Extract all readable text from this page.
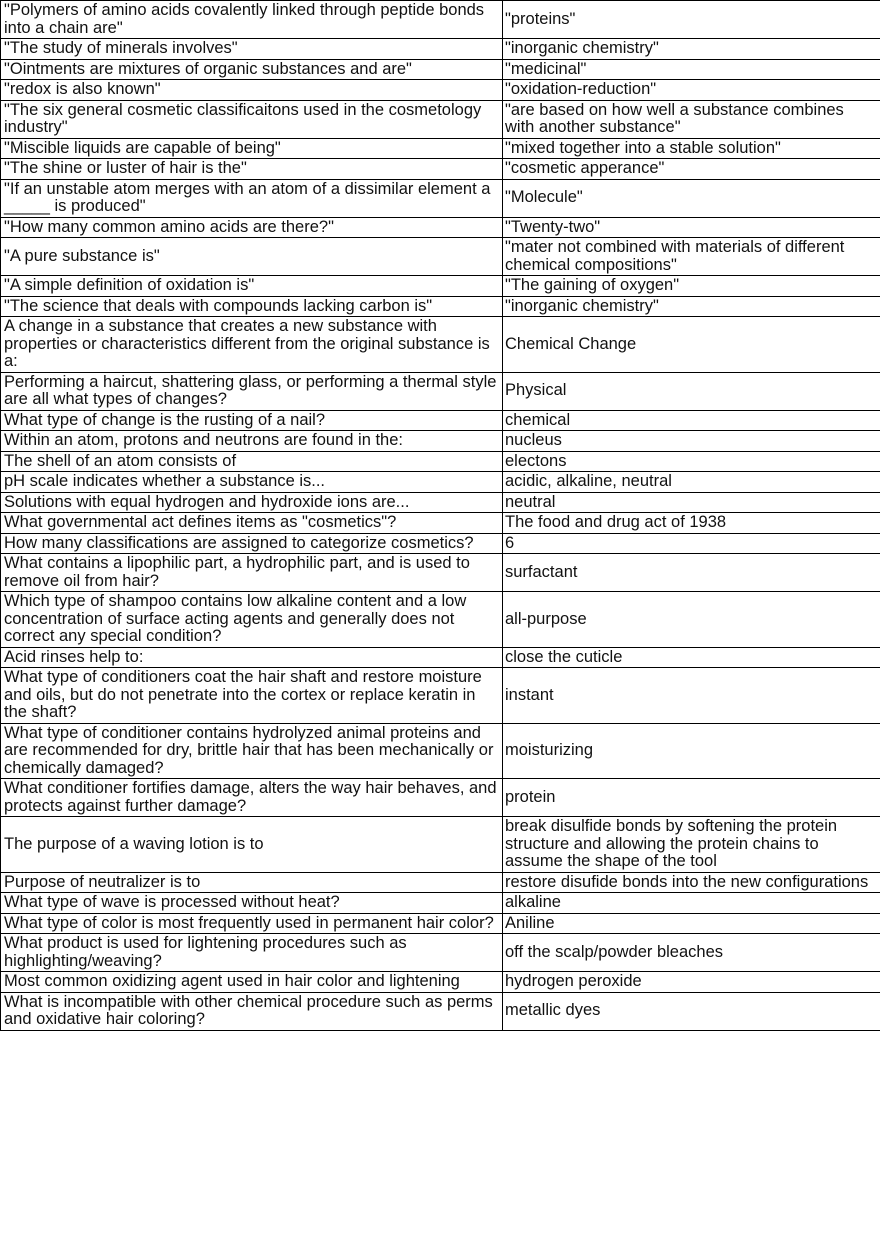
"Polymers of amino acids covalently linked through peptide bonds into a chain are"	"proteins"
"The study of minerals involves"	"inorganic chemistry"
"Ointments are mixtures of organic substances and are"	"medicinal"
"redox is also known"	"oxidation-reduction"
"The six general cosmetic classificaitons used in the cosmetology industry"	"are based on how well a substance combines with another substance"
"Miscible liquids are capable of being"	"mixed together into a stable solution"
"The shine or luster of hair is the"	"cosmetic apperance"
"If an unstable atom merges with an atom of a dissimilar element a _____ is produced"	"Molecule"
"How many common amino acids are there?"	"Twenty-two"
"A pure substance is"	"mater not combined with materials of different chemical compositions"
"A simple definition of oxidation is"	"The gaining of oxygen"
"The science that deals with compounds lacking carbon is"	"inorganic chemistry"
A change in a substance that creates a new substance with properties or characteristics different from the original substance is a:	Chemical Change
Performing a haircut, shattering glass, or performing a thermal style are all what types of changes?	Physical
What type of change is the rusting of a nail?	chemical
Within an atom, protons and neutrons are found in the:	nucleus
The shell of an atom consists of	electons
pH scale indicates whether a substance is...	acidic, alkaline, neutral
Solutions with equal hydrogen and hydroxide ions are...	neutral
What governmental act defines items as "cosmetics"?	The food and drug act of 1938
How many classifications are assigned to categorize cosmetics?	6
What contains a lipophilic part, a hydrophilic part, and is used to remove oil from hair?	surfactant
Which type of shampoo contains low alkaline content and a low concentration of surface acting agents and generally does not correct any special condition?	all-purpose
Acid rinses help to:	close the cuticle
What type of conditioners coat the hair shaft and restore moisture and oils, but do not penetrate into the cortex or replace keratin in the shaft?	instant
What type of conditioner contains hydrolyzed animal proteins and are recommended for dry, brittle hair that has been mechanically or chemically damaged?	moisturizing
What conditioner fortifies damage, alters the way hair behaves, and protects against further damage?	protein
The purpose of a waving lotion is to	break disulfide bonds by softening the protein structure and allowing the protein chains to assume the shape of the tool
Purpose of neutralizer is to	restore disufide bonds into the new configurations
What type of wave is processed without heat?	alkaline
What type of color is most frequently used in permanent hair color?	Aniline
What product is used for lightening procedures such as highlighting/weaving?	off the scalp/powder bleaches
Most common oxidizing agent used in hair color and lightening	hydrogen peroxide
What is incompatible with other chemical procedure such as perms and oxidative hair coloring?	metallic dyes
